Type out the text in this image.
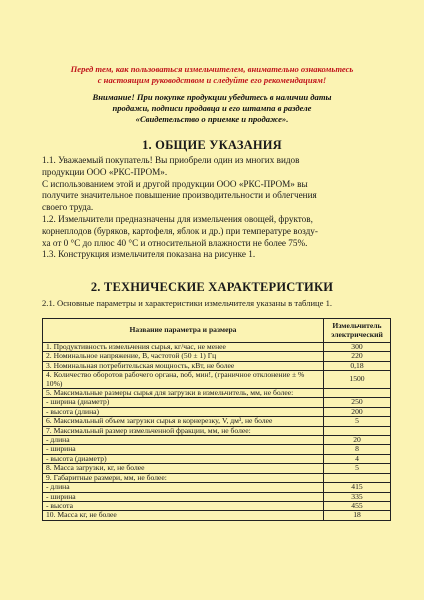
Перед тем, как пользоваться измельчителем, внимательно ознакомьтесь
с настоящим руководством и следуйте его рекомендациям!
Внимание! При покупке продукции убедитесь в наличии даты
продажи, подписи продавца и его штампа в разделе
«Свидетельство о приемке и продаже».
1. ОБЩИЕ УКАЗАНИЯ
1.1. Уважаемый покупатель! Вы приобрели один из многих видов
продукции ООО «РКС-ПРОМ».
С использованием этой и другой продукции ООО «РКС-ПРОМ» вы
получите значительное повышение производительности и облегчения
своего труда.
1.2. Измельчители предназначены для измельчения овощей, фруктов,
корнеплодов (буряков, картофеля, яблок и др.) при температуре возду-
ха от 0 °С до плюс 40 °С и относительной влажности не более 75%.
1.3. Конструкция измельчителя показана на рисунке 1.
2. ТЕХНИЧЕСКИЕ ХАРАКТЕРИСТИКИ
2.1. Основные параметры и характеристики измельчителя указаны в таблице 1.
Название параметра и размера	Измельчитель электрический
1. Продуктивность измельчения сырья, кг/час, не менее	300
2. Номинальное напряжение, В, частотой (50 ± 1) Гц	220
3. Номинальная потребительская мощность, кВт, не более	0,18
4. Количество оборотов рабочего органа, nоб, мин!, (граничное отклонение ± % 10%)	1500
5. Максимальные размеры сырья для загрузки в измельчитель, мм, не более:	
- ширина (диаметр)	250
- высота (длина)	200
6. Максимальный объем загрузки сырья в корнерезку, V, дм³, не более	5
7. Максимальный размер измельченной фракции, мм, не более:	
- длина	20
- ширина	8
- высота (диаметр)	4
8. Масса загрузки, кг, не более	5
9. Габаритные размери, мм, не более:	
- длина	415
- ширина	335
- высота	455
10. Масса кг, не более	18
